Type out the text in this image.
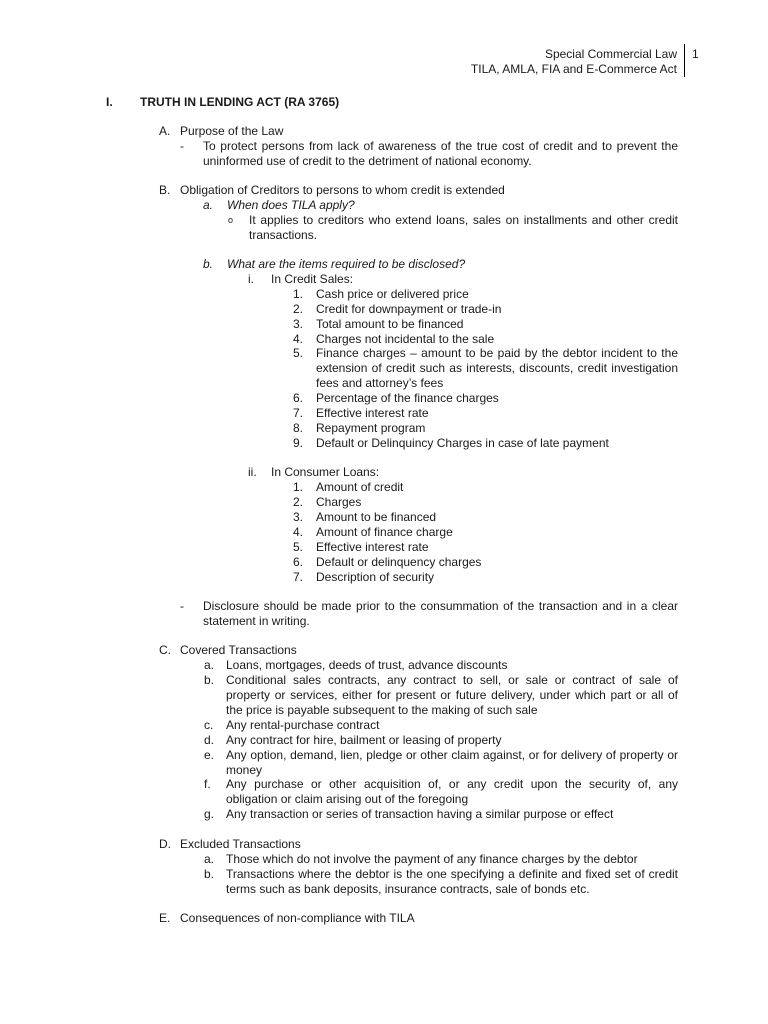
Special Commercial Law
TILA, AMLA, FIA and E-Commerce Act
1
I. TRUTH IN LENDING ACT (RA 3765)
A. Purpose of the Law
- To protect persons from lack of awareness of the true cost of credit and to prevent the uninformed use of credit to the detriment of national economy.
B. Obligation of Creditors to persons to whom credit is extended
a. When does TILA apply?
o It applies to creditors who extend loans, sales on installments and other credit transactions.
b. What are the items required to be disclosed?
i. In Credit Sales:
1. Cash price or delivered price
2. Credit for downpayment or trade-in
3. Total amount to be financed
4. Charges not incidental to the sale
5. Finance charges – amount to be paid by the debtor incident to the extension of credit such as interests, discounts, credit investigation fees and attorney’s fees
6. Percentage of the finance charges
7. Effective interest rate
8. Repayment program
9. Default or Delinquincy Charges in case of late payment
ii. In Consumer Loans:
1. Amount of credit
2. Charges
3. Amount to be financed
4. Amount of finance charge
5. Effective interest rate
6. Default or delinquency charges
7. Description of security
- Disclosure should be made prior to the consummation of the transaction and in a clear statement in writing.
C. Covered Transactions
a. Loans, mortgages, deeds of trust, advance discounts
b. Conditional sales contracts, any contract to sell, or sale or contract of sale of property or services, either for present or future delivery, under which part or all of the price is payable subsequent to the making of such sale
c. Any rental-purchase contract
d. Any contract for hire, bailment or leasing of property
e. Any option, demand, lien, pledge or other claim against, or for delivery of property or money
f. Any purchase or other acquisition of, or any credit upon the security of, any obligation or claim arising out of the foregoing
g. Any transaction or series of transaction having a similar purpose or effect
D. Excluded Transactions
a. Those which do not involve the payment of any finance charges by the debtor
b. Transactions where the debtor is the one specifying a definite and fixed set of credit terms such as bank deposits, insurance contracts, sale of bonds etc.
E. Consequences of non-compliance with TILA
